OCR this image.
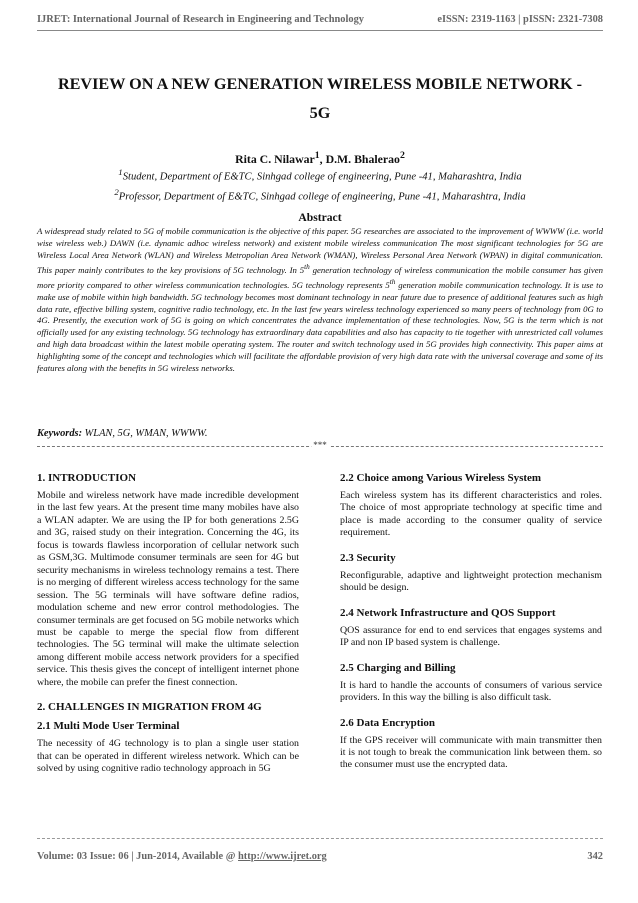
IJRET: International Journal of Research in Engineering and Technology	eISSN: 2319-1163 | pISSN: 2321-7308
REVIEW ON A NEW GENERATION WIRELESS MOBILE NETWORK -
5G
Rita C. Nilawar$^1$, D.M. Bhalerao$^2$
$^1$Student, Department of E&TC, Sinhgad college of engineering, Pune -41, Maharashtra, India
$^2$Professor, Department of E&TC, Sinhgad college of engineering, Pune -41, Maharashtra, India
Abstract
A widespread study related to 5G of mobile communication is the objective of this paper. 5G researches are associated to the improvement of WWWW (i.e. world wise wireless web.) DAWN (i.e. dynamic adhoc wireless network) and existent mobile wireless communication The most significant technologies for 5G are Wireless Local Area Network (WLAN) and Wireless Metropolian Area Network (WMAN), Wireless Personal Area Network (WPAN) in digital communication. This paper mainly contributes to the key provisions of 5G technology. In 5th generation technology of wireless communication the mobile consumer has given more priority compared to other wireless communication technologies. 5G technology represents 5th generation mobile communication technology. It is use to make use of mobile within high bandwidth. 5G technology becomes most dominant technology in near future due to presence of additional features such as high data rate, effective billing system, cognitive radio technology, etc. In the last few years wireless technology experienced so many peers of technology from 0G to 4G. Presently, the execution work of 5G is going on which concentrates the advance implementation of these technologies. Now, 5G is the term which is not officially used for any existing technology. 5G technology has extraordinary data capabilities and also has capacity to tie together with unrestricted call volumes and high data broadcast within the latest mobile operating system. The router and switch technology used in 5G provides high connectivity. This paper aims at highlighting some of the concept and technologies which will facilitate the affordable provision of very high data rate with the universal coverage and some of its features along with the benefits in 5G wireless networks.
Keywords: WLAN, 5G, WMAN, WWWW.
***
1. INTRODUCTION
Mobile and wireless network have made incredible development in the last few years. At the present time many mobiles have also a WLAN adapter. We are using the IP for both generations 2.5G and 3G, raised study on their integration. Concerning the 4G, its focus is towards flawless incorporation of cellular network such as GSM,3G. Multimode consumer terminals are seen for 4G but security mechanisms in wireless technology remains a test. There is no merging of different wireless access technology for the same session. The 5G terminals will have software define radios, modulation scheme and new error control methodologies. The consumer terminals are get focused on 5G mobile networks which must be capable to merge the special flow from different technologies. The 5G terminal will make the ultimate selection among different mobile access network providers for a specified service. This thesis gives the concept of intelligent internet phone where, the mobile can prefer the finest connection.
2. CHALLENGES IN MIGRATION FROM 4G
2.1 Multi Mode User Terminal
The necessity of 4G technology is to plan a single user station that can be operated in different wireless network. Which can be solved by using cognitive radio technology approach in 5G
2.2 Choice among Various Wireless System
Each wireless system has its different characteristics and roles. The choice of most appropriate technology at specific time and place is made according to the consumer quality of service requirement.
2.3 Security
Reconfigurable, adaptive and lightweight protection mechanism should be design.
2.4 Network Infrastructure and QOS Support
QOS assurance for end to end services that engages systems and IP and non IP based system is challenge.
2.5 Charging and Billing
It is hard to handle the accounts of consumers of various service providers. In this way the billing is also difficult task.
2.6 Data Encryption
If the GPS receiver will communicate with main transmitter then it is not tough to break the communication link between them. so the consumer must use the encrypted data.
Volume: 03 Issue: 06 | Jun-2014, Available @ http://www.ijret.org	342
